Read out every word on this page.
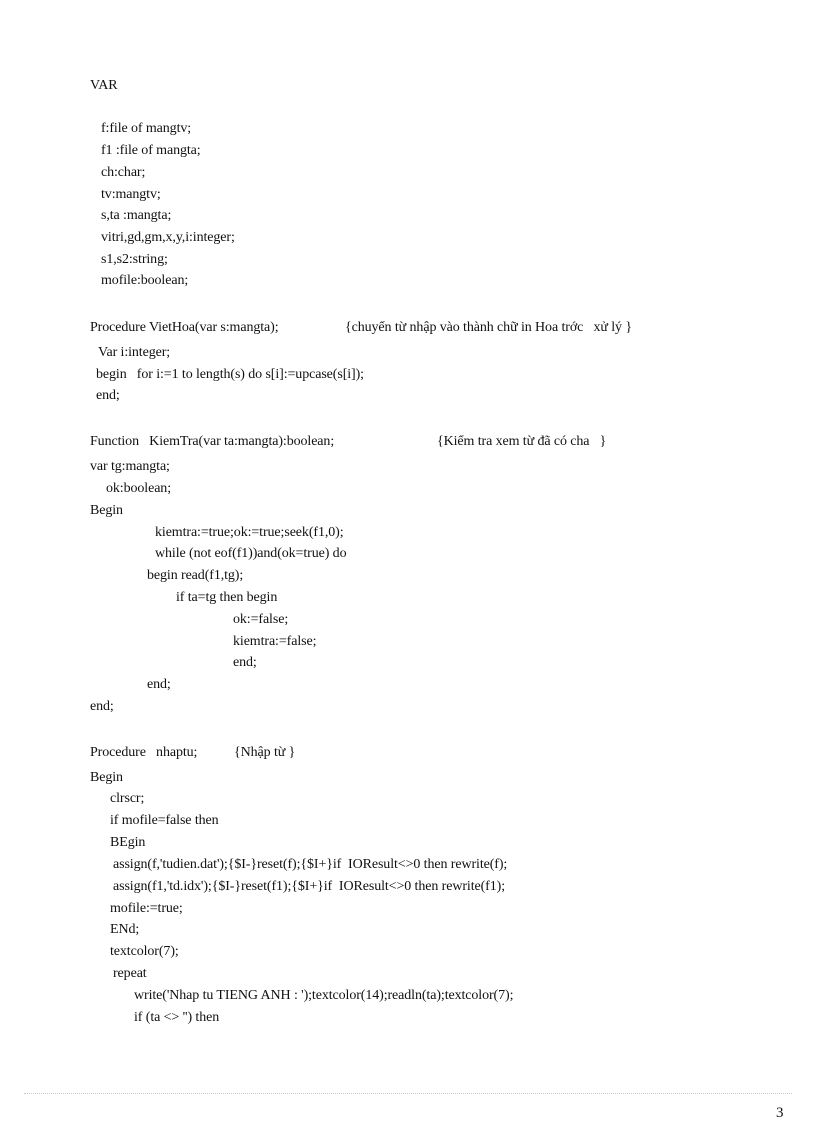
VAR
f:file of mangtv;
f1 :file of mangta;
ch:char;
tv:mangtv;
s,ta :mangta;
vitri,gd,gm,x,y,i:integer;
s1,s2:string;
mofile:boolean;
Procedure VietHoa(var s:mangta);	{chuyển từ nhập vào thành chữ in Hoa trớc   xử lý }
Var i:integer;
begin   for i:=1 to length(s) do s[i]:=upcase(s[i]);
end;
Function   KiemTra(var ta:mangta):boolean;	{Kiểm tra xem từ đã có cha   }
var tg:mangta;
ok:boolean;
Begin
kiemtra:=true;ok:=true;seek(f1,0);
while (not eof(f1))and(ok=true) do
begin read(f1,tg);
if ta=tg then begin
ok:=false;
kiemtra:=false;
end;
end;
end;
Procedure   nhaptu;	{Nhập từ }
Begin
clrscr;
if mofile=false then
BEgin
assign(f,'tudien.dat');{$I-}reset(f);{$I+}if  IOResult<>0 then rewrite(f);
assign(f1,'td.idx');{$I-}reset(f1);{$I+}if  IOResult<>0 then rewrite(f1);
mofile:=true;
ENd;
textcolor(7);
repeat
write('Nhap tu TIENG ANH : ');textcolor(14);readln(ta);textcolor(7);
if (ta <> '') then
3
